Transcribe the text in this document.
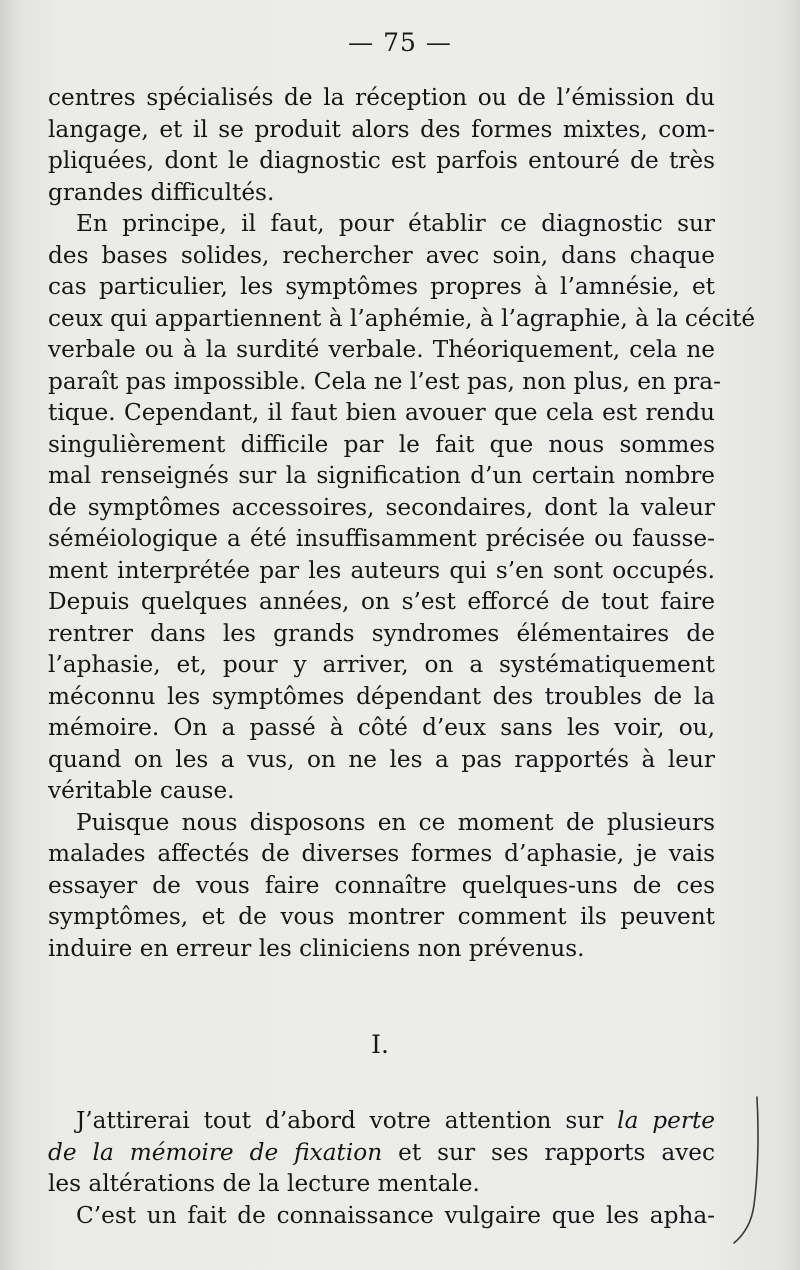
— 75 —

centres spécialisés de la réception ou de l’émission du
langage, et il se produit alors des formes mixtes, com-
pliquées, dont le diagnostic est parfois entouré de très
grandes difficultés.

En principe, il faut, pour établir ce diagnostic sur
des bases solides, rechercher avec soin, dans chaque
cas particulier, les symptômes propres à l’amnésie, et
ceux qui appartiennent à l’aphémie, à l’agraphie, à la cécité
verbale ou à la surdité verbale. Théoriquement, cela ne
paraît pas impossible. Cela ne l’est pas, non plus, en pra-
tique. Cependant, il faut bien avouer que cela est rendu
singulièrement difficile par le fait que nous sommes
mal renseignés sur la signification d’un certain nombre
de symptômes accessoires, secondaires, dont la valeur
séméiologique a été insuffisamment précisée ou fausse-
ment interprétée par les auteurs qui s’en sont occupés.
Depuis quelques années, on s’est efforcé de tout faire
rentrer dans les grands syndromes élémentaires de
l’aphasie, et, pour y arriver, on a systématiquement
méconnu les symptômes dépendant des troubles de la
mémoire. On a passé à côté d’eux sans les voir, ou,
quand on les a vus, on ne les a pas rapportés à leur
véritable cause.

Puisque nous disposons en ce moment de plusieurs
malades affectés de diverses formes d’aphasie, je vais
essayer de vous faire connaître quelques-uns de ces
symptômes, et de vous montrer comment ils peuvent
induire en erreur les cliniciens non prévenus.

I.

J’attirerai tout d’abord votre attention sur la perte
de la mémoire de fixation et sur ses rapports avec
les altérations de la lecture mentale.

C’est un fait de connaissance vulgaire que les apha-
